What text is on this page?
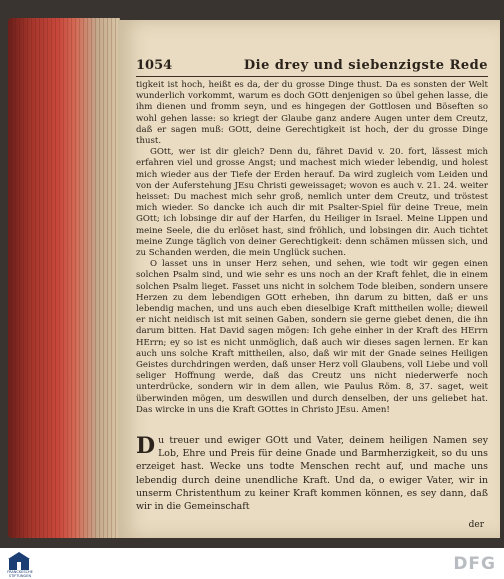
1054	Die drey und siebenzigste Rede

tigkeit ist hoch, heißt es da, der du grosse Dinge thust. Da es sonsten der Welt wunderlich vorkommt, warum es doch GOtt denjenigen so übel gehen lasse, die ihm dienen und fromm seyn, und es hingegen der Gottlosen und Böseften so wohl gehen lasse: so kriegt der Glaube ganz andere Augen unter dem Creutz, daß er sagen muß: GOtt, deine Gerechtigkeit ist hoch, der du grosse Dinge thust.

GOtt, wer ist dir gleich? Denn du, fähret David v. 20. fort, lässest mich erfahren viel und grosse Angst; und machest mich wieder lebendig, und holest mich wieder aus der Tiefe der Erden herauf. Da wird zugleich vom Leiden und von der Auferstehung JEsu Christi geweissaget; wovon es auch v. 21. 24. weiter heisset: Du machest mich sehr groß, nemlich unter dem Creutz, und tröstest mich wieder. So dancke ich auch dir mit Psalter-Spiel für deine Treue, mein GOtt; ich lobsinge dir auf der Harfen, du Heiliger in Israel. Meine Lippen und meine Seele, die du erlöset hast, sind fröhlich, und lobsingen dir. Auch tichtet meine Zunge täglich von deiner Gerechtigkeit: denn schämen müssen sich, und zu Schanden werden, die mein Unglück suchen.

O lasset uns in unser Herz sehen, und sehen, wie todt wir gegen einen solchen Psalm sind, und wie sehr es uns noch an der Kraft fehlet, die in einem solchen Psalm lieget. Fasset uns nicht in solchem Tode bleiben, sondern unsere Herzen zu dem lebendigen GOtt erheben, ihn darum zu bitten, daß er uns lebendig machen, und uns auch eben dieselbige Kraft mittheilen wolle; dieweil er nicht neidisch ist mit seinen Gaben, sondern sie gerne giebet denen, die ihn darum bitten. Hat David sagen mögen: Ich gehe einher in der Kraft des HErrn HErrn; ey so ist es nicht unmöglich, daß auch wir dieses sagen lernen. Er kan auch uns solche Kraft mittheilen, also, daß wir mit der Gnade seines Heiligen Geistes durchdringen werden, daß unser Herz voll Glaubens, voll Liebe und voll seliger Hoffnung werde, daß das Creutz uns nicht niederwerfe noch unterdrücke, sondern wir in dem allen, wie Paulus Röm. 8, 37. saget, weit überwinden mögen, um deswillen und durch denselben, der uns geliebet hat. Das wircke in uns die Kraft GOttes in Christo JEsu. Amen!

D u treuer und ewiger GOtt und Vater, deinem heiligen Namen sey Lob, Ehre und Preis für deine Gnade und Barmherzigkeit, so du uns erzeiget hast. Wecke uns todte Menschen recht auf, und mache uns lebendig durch deine unendliche Kraft. Und da, o ewiger Vater, wir in unserm Christenthum zu keiner Kraft kommen können, es sey dann, daß wir in die Gemeinschaft
der
FRANCKESCHE STIFTUNGEN
DFG
